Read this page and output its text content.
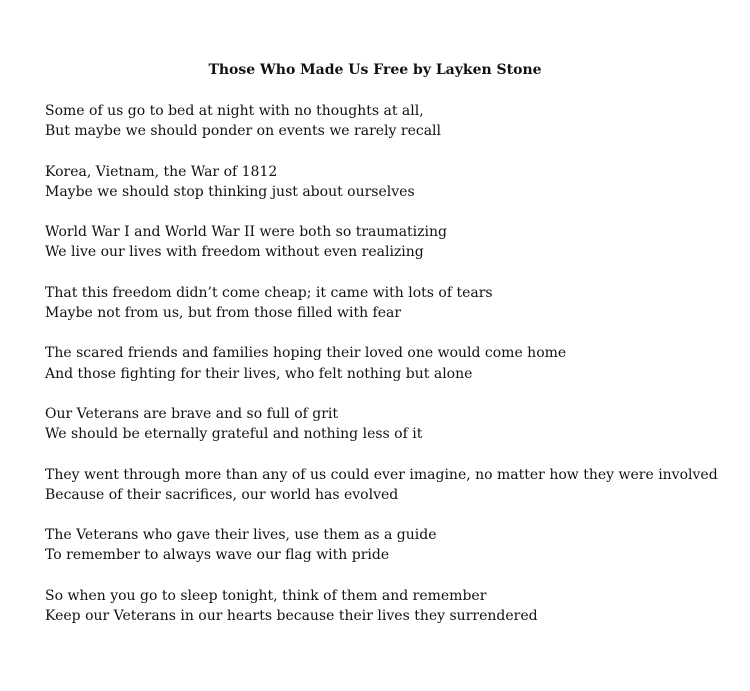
Those Who Made Us Free by Layken Stone
Some of us go to bed at night with no thoughts at all,
But maybe we should ponder on events we rarely recall
Korea, Vietnam, the War of 1812
Maybe we should stop thinking just about ourselves
World War I and World War II were both so traumatizing
We live our lives with freedom without even realizing
That this freedom didn’t come cheap; it came with lots of tears
Maybe not from us, but from those filled with fear
The scared friends and families hoping their loved one would come home
And those fighting for their lives, who felt nothing but alone
Our Veterans are brave and so full of grit
We should be eternally grateful and nothing less of it
They went through more than any of us could ever imagine, no matter how they were involved
Because of their sacrifices, our world has evolved
The Veterans who gave their lives, use them as a guide
To remember to always wave our flag with pride
So when you go to sleep tonight, think of them and remember
Keep our Veterans in our hearts because their lives they surrendered
